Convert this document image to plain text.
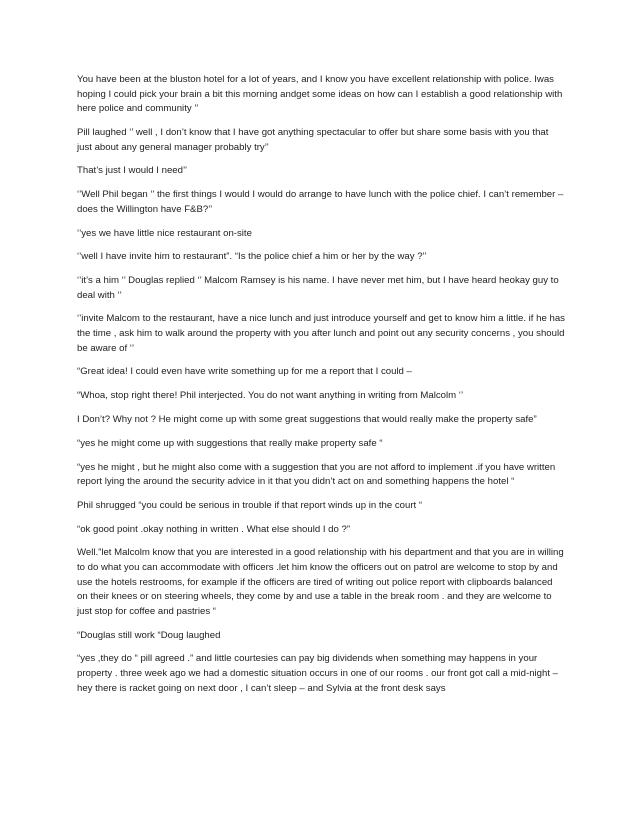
You have been at the bluston hotel for a lot of years, and I know you have excellent relationship with police. Iwas hoping I could pick your brain a bit this morning andget some ideas on how can I establish a good relationship with here police and community ’’

Pill laughed ‘’ well , I don’t know that I have got anything spectacular to offer but share some basis with you that just about any general manager probably try’’

That’s just I would I need’’

‘’Well Phil began ‘’ the first things I would I would do arrange to have lunch with the police chief. I can’t remember – does the Willington have F&B?’’

‘’yes we have little nice restaurant on-site

‘’well I have invite him to restaurant”. “Is the police chief a him or her by the way ?’’

‘’it’s a him ‘’ Douglas replied ‘’ Malcom Ramsey is his name. I have never met him, but I have heard heokay guy to deal with ‘’

‘’invite Malcom to the restaurant, have a nice lunch and just introduce yourself and get to know him a little. if he has the time , ask him to walk around the property with you after lunch and point out any security concerns , you should be aware of ‘’

“Great idea! I could even have write something up for me a report that I could –

“Whoa, stop right there! Phil interjected. You do not want anything in writing from Malcolm ‘’

I Don’t? Why not ? He might come up with some great suggestions that would really make the property safe”

“yes he might come up with suggestions that really make property safe “

“yes he might , but he might also come with a suggestion that you are not afford to implement .if you have written report lying the around the security advice in it that you didn’t act on and something happens the hotel “

Phil shrugged “you could be serious in trouble if that report winds up in the court “

“ok good point .okay nothing in written . What else should I do ?”

Well.”let Malcolm know that you are interested in a good relationship with his department and that you are in willing to do what you can accommodate with officers .let him know the officers out on patrol are welcome to stop by and use the hotels restrooms, for example if the officers are tired of writing out police report with clipboards balanced on their knees or on steering wheels, they come by and use a table in the break room . and they are welcome to just stop for coffee and pastries “

“Douglas still work “Doug laughed

“yes ,they do “ pill agreed .” and little courtesies can pay big dividends when something may happens in your property . three week ago we had a domestic situation occurs in one of our rooms . our front got call a mid-night – hey there is racket going on next door , I can’t sleep – and Sylvia at the front desk says
